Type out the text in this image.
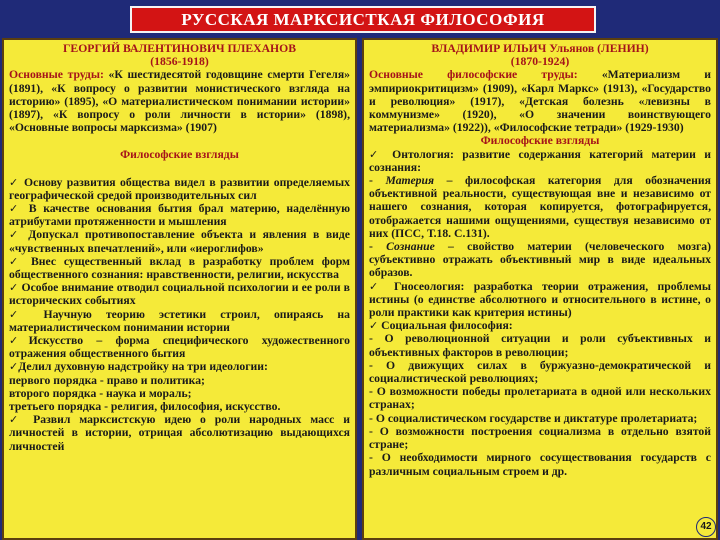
РУССКАЯ МАРКСИСТКАЯ ФИЛОСОФИЯ

ГЕОРГИЙ ВАЛЕНТИНОВИЧ ПЛЕХАНОВ

(1856-1918)

Основные труды: «К шестидесятой годовщине смерти Гегеля» (1891), «К вопросу о развитии монистического взгляда на историю» (1895), «О материалистическом понимании истории» (1897), «К вопросу о роли личности в истории» (1898), «Основные вопросы марксизма» (1907)

Философские взгляды

✓ Основу развития общества видел в развитии определяемых географической средой производительных сил

✓ В качестве основания бытия брал материю, наделённую атрибутами протяженности и мышления

✓ Допускал противопоставление объекта и явления в виде «чувственных впечатлений», или «иероглифов»

✓ Внес существенный вклад в разработку проблем форм общественного сознания: нравственности, религии, искусства

✓ Особое внимание отводил социальной психологии и ее роли в исторических событиях

✓ Научную теорию эстетики строил, опираясь на материалистическом понимании истории

✓Искусство – форма специфического художественного отражения общественного бытия

✓Делил духовную надстройку на три идеологии:

первого порядка - право и политика;

второго порядка - наука и мораль;

третьего порядка - религия, философия, искусство.

✓ Развил марксистскую идею о роли народных масс и личностей в истории, отрицая абсолютизацию выдающихся личностей

ВЛАДИМИР ИЛЬИЧ Ульянов (ЛЕНИН)

(1870-1924)

Основные философские труды: «Материализм и эмпириокритицизм» (1909), «Карл Маркс» (1913), «Государство и революция» (1917), «Детская болезнь «левизны в коммунизме» (1920), «О значении воинствующего материализма» (1922)), «Философские тетради» (1929-1930)

Философские взгляды

✓ Онтология: развитие содержания категорий материи и сознания:

- Материя – философская категория для обозначения объективной реальности, существующая вне и независимо от нашего сознания, которая копируется, фотографируется, отображается нашими ощущениями, существуя независимо от них (ПСС, Т.18. С.131).

- Сознание – свойство материи (человеческого мозга) субъективно отражать объективный мир в виде идеальных образов.

✓ Гносеология: разработка теории отражения, проблемы истины (о единстве абсолютного и относительного в истине, о роли практики как критерия истины)

✓ Социальная философия:

- О революционной ситуации и роли субъективных и объективных факторов в революции;

- О движущих силах в буржуазно-демократической и социалистической революциях;

- О возможности победы пролетариата в одной или нескольких странах;

- О социалистическом государстве и диктатуре пролетариата;

- О возможности построения социализма в отдельно взятой стране;

- О необходимости мирного сосуществования государств с различным социальным строем и др.

42
